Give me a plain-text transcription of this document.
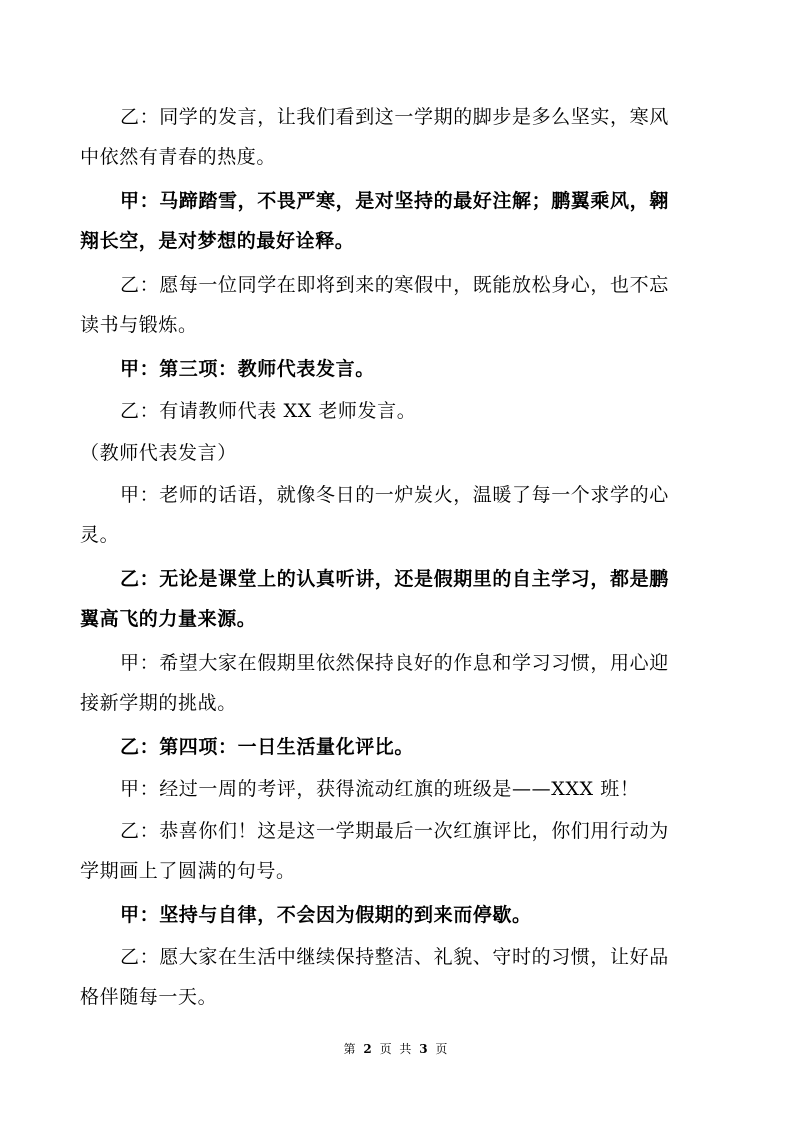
乙：同学的发言，让我们看到这一学期的脚步是多么坚实，寒风
中依然有青春的热度。
甲：马蹄踏雪，不畏严寒，是对坚持的最好注解；鹏翼乘风，翱
翔长空，是对梦想的最好诠释。
乙：愿每一位同学在即将到来的寒假中，既能放松身心，也不忘
读书与锻炼。
甲：第三项：教师代表发言。
乙：有请教师代表 XX 老师发言。
（教师代表发言）
甲：老师的话语，就像冬日的一炉炭火，温暖了每一个求学的心
灵。
乙：无论是课堂上的认真听讲，还是假期里的自主学习，都是鹏
翼高飞的力量来源。
甲：希望大家在假期里依然保持良好的作息和学习习惯，用心迎
接新学期的挑战。
乙：第四项：一日生活量化评比。
甲：经过一周的考评，获得流动红旗的班级是——XXX 班！
乙：恭喜你们！这是这一学期最后一次红旗评比，你们用行动为
学期画上了圆满的句号。
甲：坚持与自律，不会因为假期的到来而停歇。
乙：愿大家在生活中继续保持整洁、礼貌、守时的习惯，让好品
格伴随每一天。
第 2 页 共 3 页
